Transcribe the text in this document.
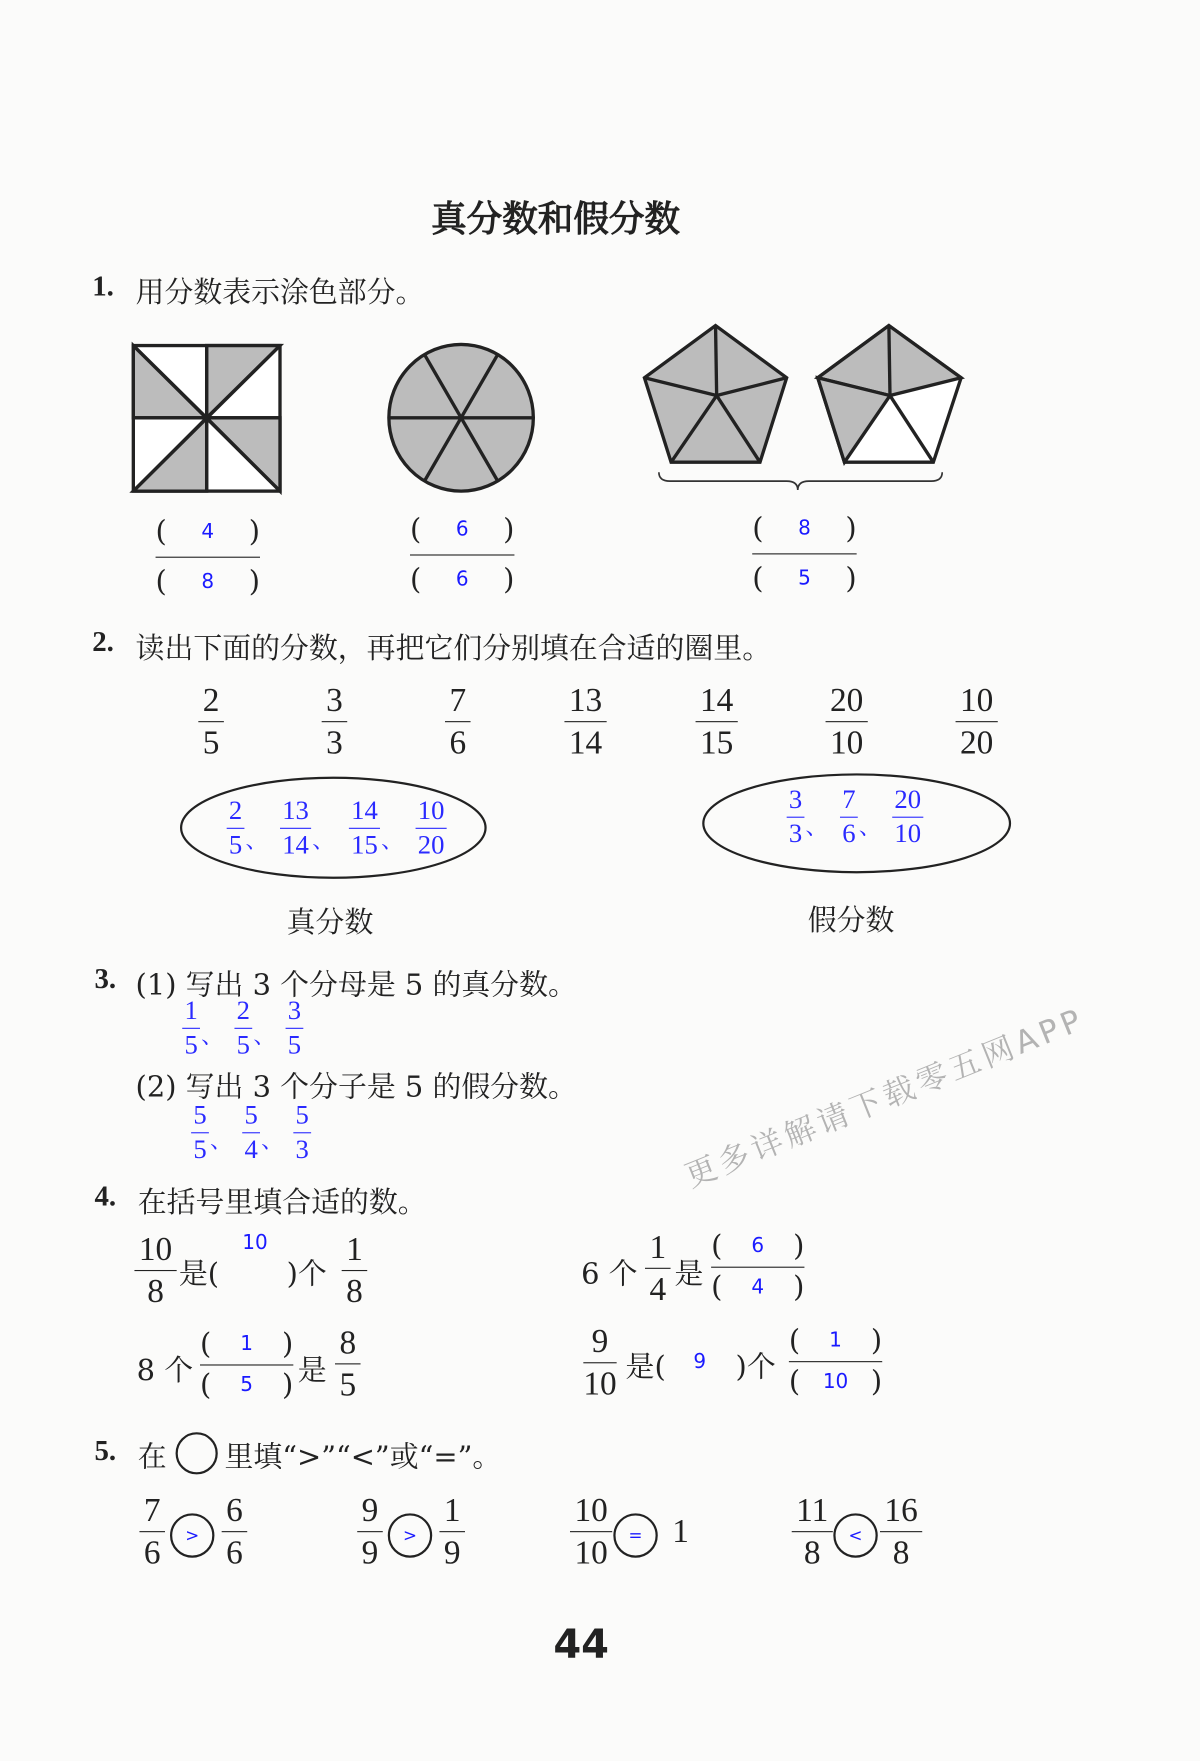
真分数和假分数
1. 用分数表示涂色部分。
( 4 )
( 8 )
( 6 )
( 6 )
( 8 )
( 5 )
2. 读出下面的分数，再把它们分别填在合适的圈里。
真分数	假分数
3. (1) 写出 3 个分母是 5 的真分数。
(2) 写出 3 个分子是 5 的假分数。
4. 在括号里填合适的数。
$\frac{10}{8}$ 是(
10
)个 $\frac{1}{8}$	6 个 $\frac{1}{4}$ 是
( 6 )
( 4 )
8 个
( 1 )
( 5 ) 是 $\frac{8}{5}$	$\frac{9}{10}$ 是( 9 )个
( 1 )
( 10 )
5. 在 里填“>”“<”或“=”。
44
更多详解请下载零五网APP
$\frac{2}{5}$	$\frac{3}{3}$	$\frac{7}{6}$	$\frac{13}{14}$	$\frac{14}{15}$	$\frac{20}{10}$	$\frac{10}{20}$
$\frac{2}{5}$ 、 $\frac{13}{14}$ 、 $\frac{14}{15}$ 、 $\frac{10}{20}$	$\frac{3}{3}$ 、 $\frac{7}{6}$ 、 $\frac{20}{10}$
$\frac{1}{5}$ 、 $\frac{2}{5}$ 、 $\frac{3}{5}$
$\frac{5}{5}$ 、 $\frac{5}{4}$ 、 $\frac{5}{3}$
$\frac{7}{6}$	> $\frac{6}{6}$	$\frac{9}{9}$	> $\frac{1}{9}$	$\frac{10}{10}$	= 1	$\frac{11}{8}$	< $\frac{16}{8}$
